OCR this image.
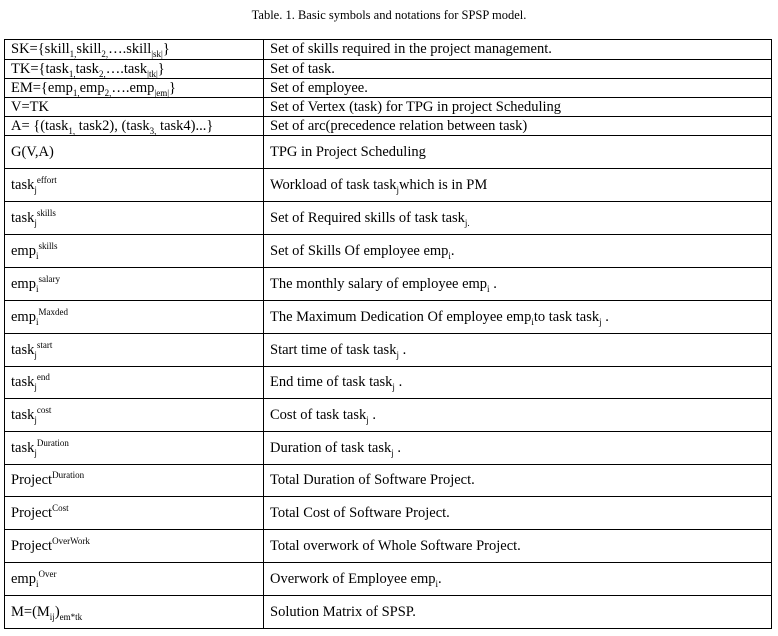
Table. 1. Basic symbols and notations for SPSP model.
SK={skill$_{1,}$skill$_{2,}$….skill$_{|sk|}$}	Set of skills required in the project management.
TK={task$_{1,}$task$_{2,}$….task$_{|tk|}$}	Set of task.
EM={emp$_{1,}$emp$_{2,}$….emp$_{|em|}$}	Set of employee.
V=TK	Set of Vertex (task) for TPG in project Scheduling
A= {(task$_{1,}$ task2), (task$_{3,}$ task4)...}	Set of arc(precedence relation between task)
G(V,A)	TPG in Project Scheduling
task$_j^{effort}$	Workload of task task$_j$which is in PM
task$_j^{skills}$	Set of Required skills of task task$_{j.}$
emp$_i^{skills}$	Set of Skills Of employee emp$_i$.
emp$_i^{salary}$	The monthly salary of employee emp$_i$ .
emp$_i^{Maxded}$	The Maximum Dedication Of employee emp$_i$to task task$_j$ .
task$_j^{start}$	Start time of task task$_j$ .
task$_j^{end}$	End time of task task$_j$ .
task$_j^{cost}$	Cost of task task$_j$ .
task$_j^{Duration}$	Duration of task task$_j$ .
Project$^{Duration}$	Total Duration of Software Project.
Project$^{Cost}$	Total Cost of Software Project.
Project$^{OverWork}$	Total overwork of Whole Software Project.
emp$_i^{Over}$	Overwork of Employee emp$_i$.
$M=(M_{ij})_{em*tk}$	Solution Matrix of SPSP.
